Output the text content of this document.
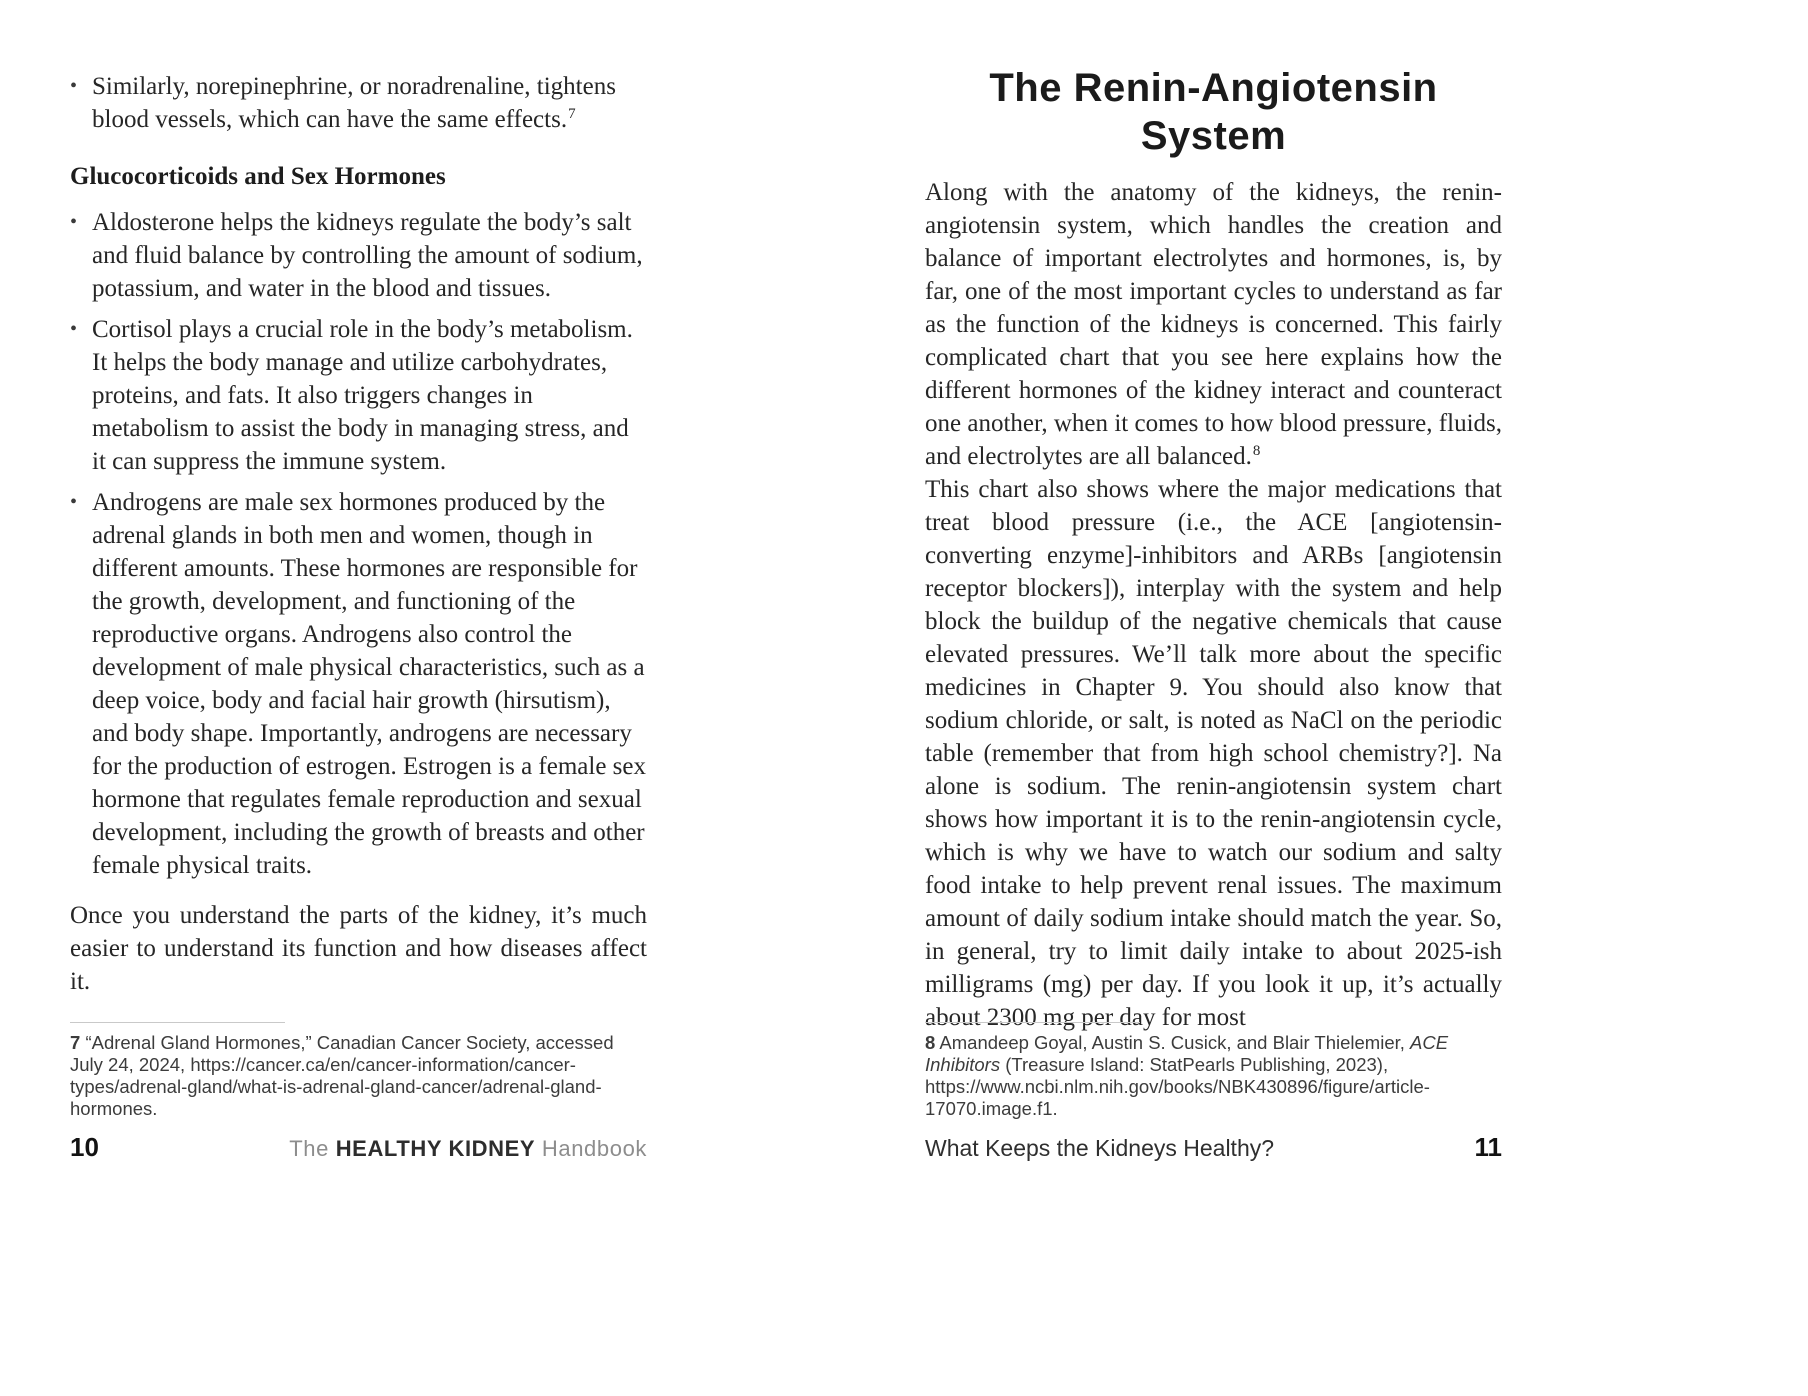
• Similarly, norepinephrine, or noradrenaline, tightens blood vessels, which can have the same effects.$^7$
Glucocorticoids and Sex Hormones
• Aldosterone helps the kidneys regulate the body’s salt and fluid balance by controlling the amount of sodium, potassium, and water in the blood and tissues.
• Cortisol plays a crucial role in the body’s metabolism. It helps the body manage and utilize carbohydrates, proteins, and fats. It also triggers changes in metabolism to assist the body in managing stress, and it can suppress the immune system.
• Androgens are male sex hormones produced by the adrenal glands in both men and women, though in different amounts. These hormones are responsible for the growth, development, and functioning of the reproductive organs. Androgens also control the development of male physical characteristics, such as a deep voice, body and facial hair growth (hirsutism), and body shape. Importantly, androgens are necessary for the production of estrogen. Estrogen is a female sex hormone that regulates female reproduction and sexual development, including the growth of breasts and other female physical traits.

Once you understand the parts of the kidney, it’s much easier to understand its function and how diseases affect it.

7 “Adrenal Gland Hormones,” Canadian Cancer Society, accessed July 24, 2024, https://cancer.ca/en/cancer-information/cancer-types/adrenal-gland/what-is-adrenal-gland-cancer/adrenal-gland-hormones.

10	The HEALTHY KIDNEY Handbook
The Renin-Angiotensin System

Along with the anatomy of the kidneys, the renin-angiotensin system, which handles the creation and balance of important electrolytes and hormones, is, by far, one of the most important cycles to understand as far as the function of the kidneys is concerned. This fairly complicated chart that you see here explains how the different hormones of the kidney interact and counteract one another, when it comes to how blood pressure, fluids, and electrolytes are all balanced.$^8$

This chart also shows where the major medications that treat blood pressure (i.e., the ACE [angiotensin-converting enzyme]-inhibitors and ARBs [angiotensin receptor blockers]), interplay with the system and help block the buildup of the negative chemicals that cause elevated pressures. We’ll talk more about the specific medicines in Chapter 9. You should also know that sodium chloride, or salt, is noted as NaCl on the periodic table (remember that from high school chemistry?]. Na alone is sodium. The renin-angiotensin system chart shows how important it is to the renin-angiotensin cycle, which is why we have to watch our sodium and salty food intake to help prevent renal issues. The maximum amount of daily sodium intake should match the year. So, in general, try to limit daily intake to about 2025-ish milligrams (mg) per day. If you look it up, it’s actually about 2300 mg per day for most

8 Amandeep Goyal, Austin S. Cusick, and Blair Thielemier, ACE Inhibitors (Treasure Island: StatPearls Publishing, 2023), https://www.ncbi.nlm.nih.gov/books/NBK430896/figure/article-17070.image.f1.

What Keeps the Kidneys Healthy?	11
